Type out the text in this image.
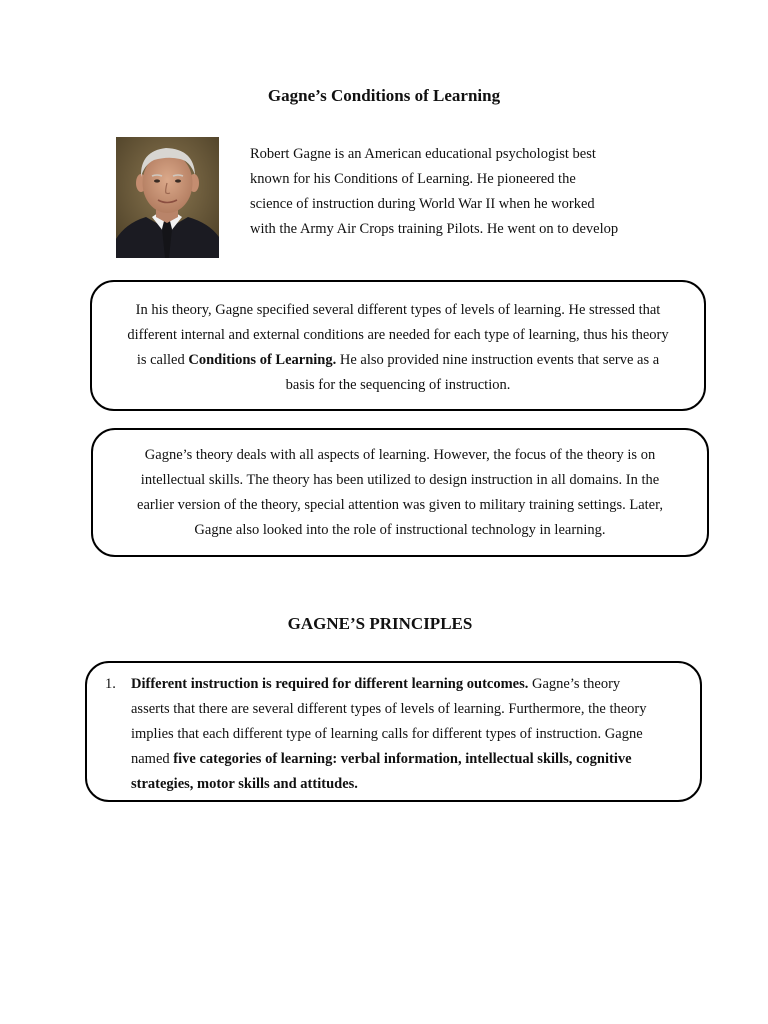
Gagne’s Conditions of Learning
Robert Gagne is an American educational psychologist best
known for his Conditions of Learning. He pioneered the
science of instruction during World War II when he worked
with the Army Air Crops training Pilots. He went on to develop

In his theory, Gagne specified several different types of levels of learning. He stressed that
different internal and external conditions are needed for each type of learning, thus his theory
is called Conditions of Learning. He also provided nine instruction events that serve as a
basis for the sequencing of instruction.

Gagne’s theory deals with all aspects of learning. However, the focus of the theory is on
intellectual skills. The theory has been utilized to design instruction in all domains. In the
earlier version of the theory, special attention was given to military training settings. Later,
Gagne also looked into the role of instructional technology in learning.

GAGNE’S PRINCIPLES
1. Different instruction is required for different learning outcomes. Gagne’s theory
asserts that there are several different types of levels of learning. Furthermore, the theory
implies that each different type of learning calls for different types of instruction. Gagne
named five categories of learning: verbal information, intellectual skills, cognitive
strategies, motor skills and attitudes.
